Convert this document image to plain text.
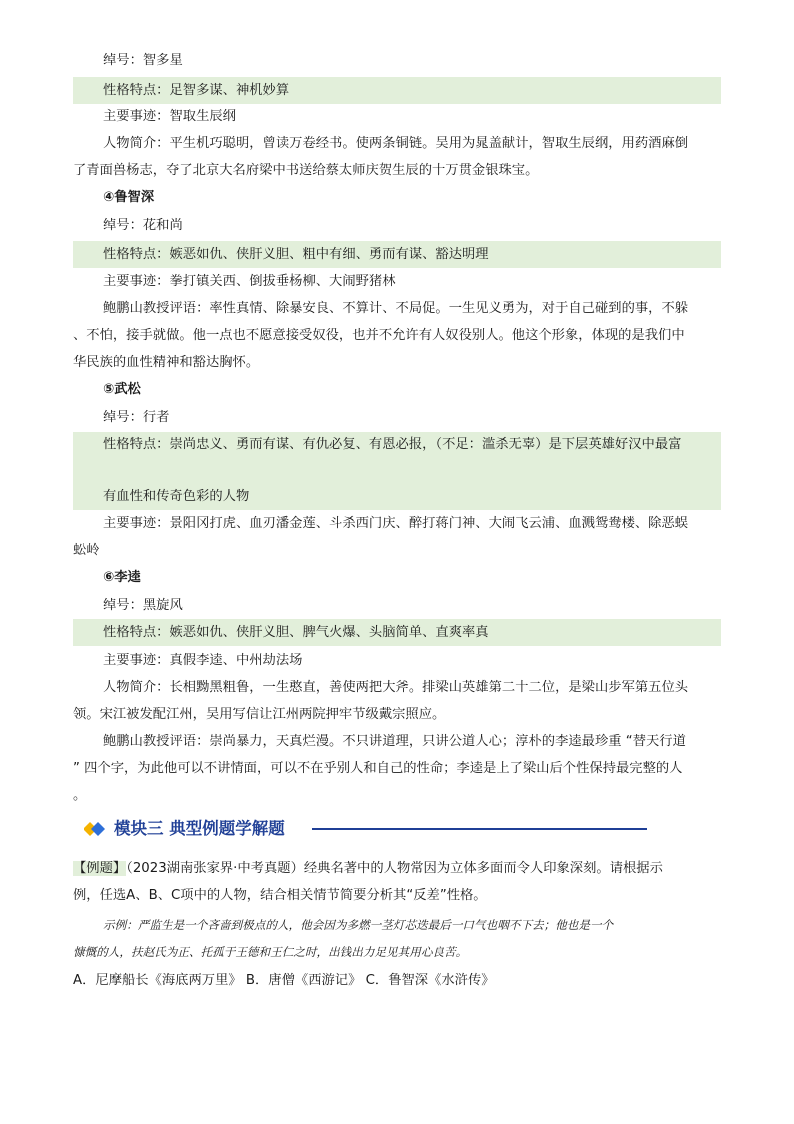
绰号：智多星
性格特点：足智多谋、神机妙算
主要事迹：智取生辰纲
人物简介：平生机巧聪明，曾读万卷经书。使两条铜链。吴用为晁盖献计，智取生辰纲，用药酒麻倒
了青面兽杨志，夺了北京大名府梁中书送给蔡太师庆贺生辰的十万贯金银珠宝。
④鲁智深
绰号：花和尚
性格特点：嫉恶如仇、侠肝义胆、粗中有细、勇而有谋、豁达明理
主要事迹：拳打镇关西、倒拔垂杨柳、大闹野猪林
鲍鹏山教授评语：率性真情、除暴安良、不算计、不局促。一生见义勇为，对于自己碰到的事，不躲
、不怕，接手就做。他一点也不愿意接受奴役，也并不允许有人奴役别人。他这个形象，体现的是我们中
华民族的血性精神和豁达胸怀。
⑤武松
绰号：行者
性格特点：崇尚忠义、勇而有谋、有仇必复、有恩必报，（不足：滥杀无辜）是下层英雄好汉中最富
有血性和传奇色彩的人物
主要事迹：景阳冈打虎、血刃潘金莲、斗杀西门庆、醉打蒋门神、大闹飞云浦、血溅鸳鸯楼、除恶蜈
蚣岭
⑥李逵
绰号：黑旋风
性格特点：嫉恶如仇、侠肝义胆、脾气火爆、头脑简单、直爽率真
主要事迹：真假李逵、中州劫法场
人物简介：长相黝黑粗鲁，一生憨直，善使两把大斧。排梁山英雄第二十二位，是梁山步军第五位头
领。宋江被发配江州，吴用写信让江州两院押牢节级戴宗照应。
鲍鹏山教授评语：崇尚暴力，天真烂漫。不只讲道理，只讲公道人心；淳朴的李逵最珍重 “替天行道
” 四个字，为此他可以不讲情面，可以不在乎别人和自己的性命；李逵是上了梁山后个性保持最完整的人
。
模块三 典型例题学解题
【例题】（2023湖南张家界·中考真题）经典名著中的人物常因为立体多面而令人印象深刻。请根据示
例，任选A、B、C项中的人物，结合相关情节简要分析其“反差”性格。
示例：严监生是一个吝啬到极点的人，他会因为多燃一茎灯芯迭最后一口气也咽不下去；他也是一个
慷慨的人，扶赵氏为正、托孤于王德和王仁之时，出钱出力足见其用心良苦。
A．尼摩船长《海底两万里》 B．唐僧《西游记》 C．鲁智深《水浒传》
